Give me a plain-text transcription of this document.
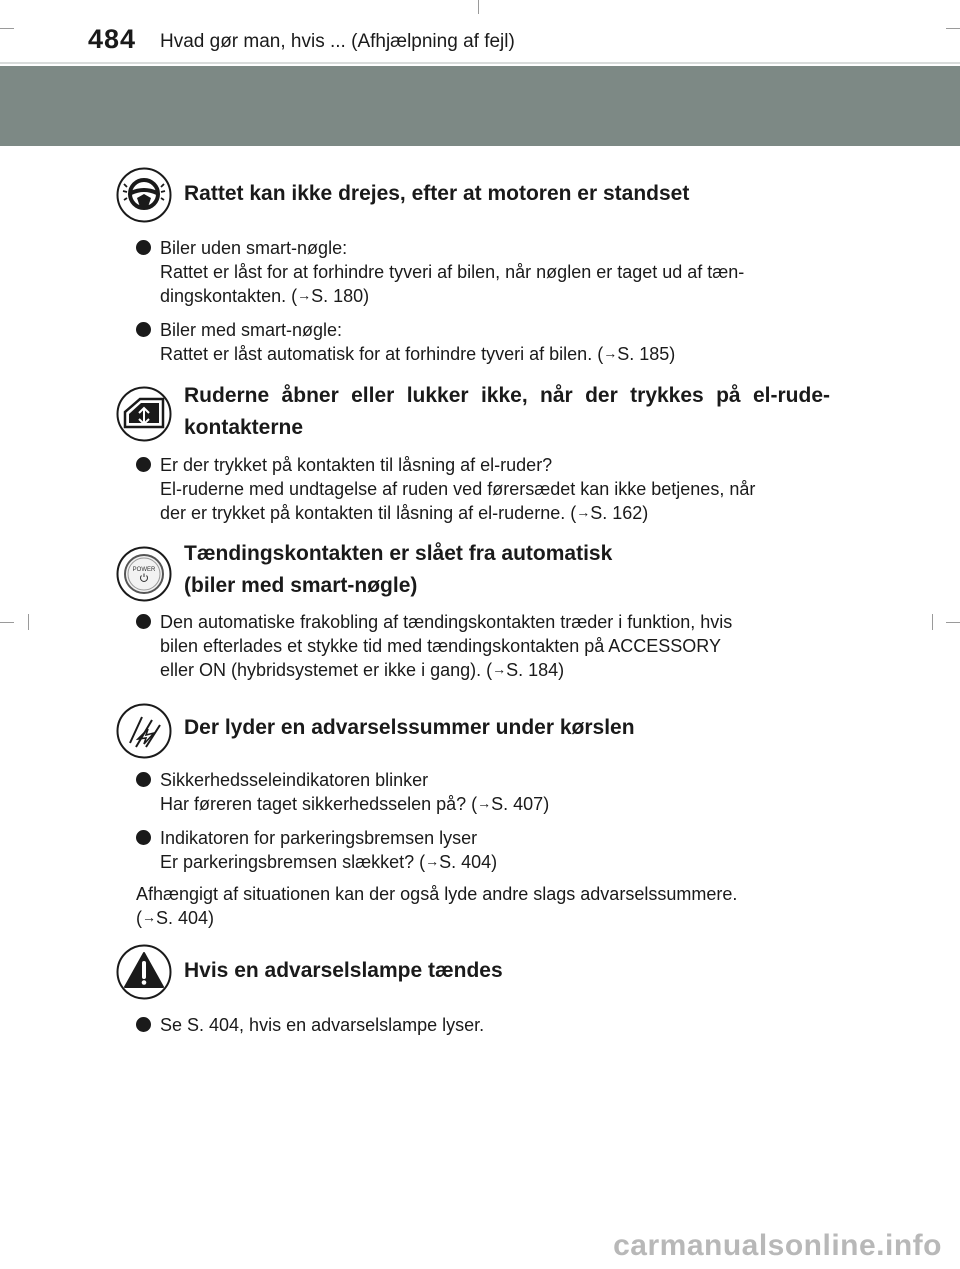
484 Hvad gør man, hvis ... (Afhjælpning af fejl)
Rattet kan ikke drejes, efter at motoren er standset
Biler uden smart-nøgle:
Rattet er låst for at forhindre tyveri af bilen, når nøglen er taget ud af tæn-
dingskontakten. (→S. 180)
Biler med smart-nøgle:
Rattet er låst automatisk for at forhindre tyveri af bilen. (→S. 185)
Ruderne åbner eller lukker ikke, når der trykkes på el-rude-kontakterne
Er der trykket på kontakten til låsning af el-ruder?
El-ruderne med undtagelse af ruden ved førersædet kan ikke betjenes, når
der er trykket på kontakten til låsning af el-ruderne. (→S. 162)
POWER
Tændingskontakten er slået fra automatisk
(biler med smart-nøgle)
Den automatiske frakobling af tændingskontakten træder i funktion, hvis
bilen efterlades et stykke tid med tændingskontakten på ACCESSORY
eller ON (hybridsystemet er ikke i gang). (→S. 184)
Der lyder en advarselssummer under kørslen
Sikkerhedsseleindikatoren blinker
Har føreren taget sikkerhedsselen på? (→S. 407)
Indikatoren for parkeringsbremsen lyser
Er parkeringsbremsen slækket? (→S. 404)
Afhængigt af situationen kan der også lyde andre slags advarselssummere.
(→S. 404)
Hvis en advarselslampe tændes
Se S. 404, hvis en advarselslampe lyser.
carmanualsonline.info
